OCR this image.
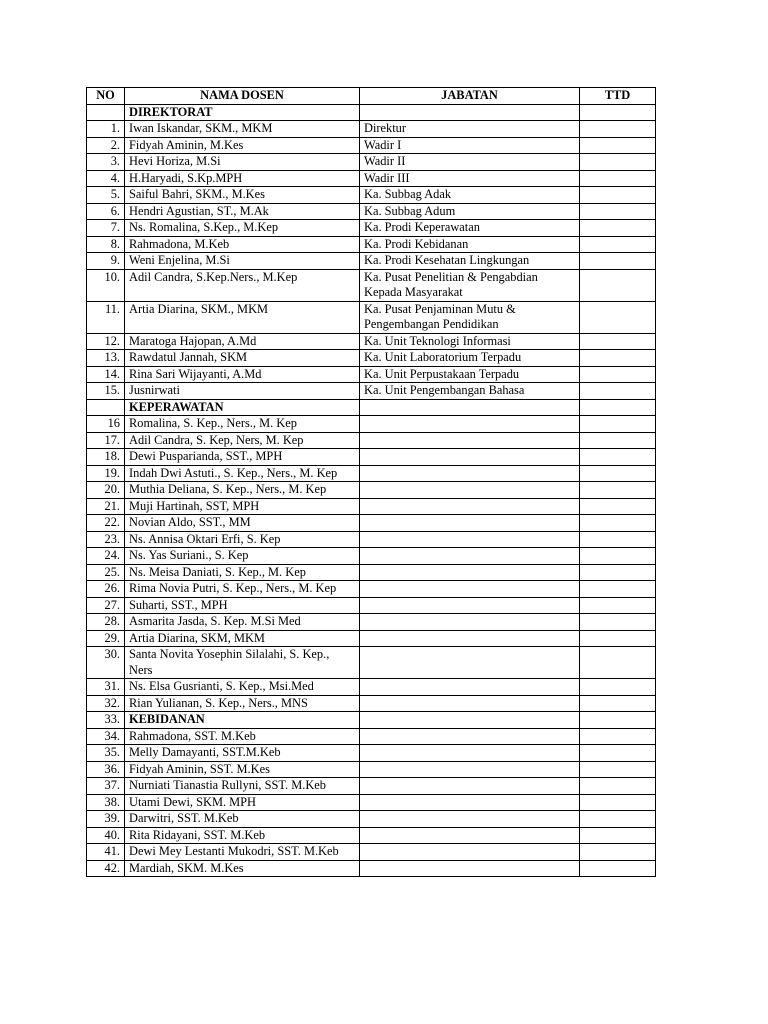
NO	NAMA DOSEN	JABATAN	TTD
	DIREKTORAT		
1.	Iwan Iskandar, SKM., MKM	Direktur	
2.	Fidyah Aminin, M.Kes	Wadir I	
3.	Hevi Horiza, M.Si	Wadir II	
4.	H.Haryadi, S.Kp.MPH	Wadir III	
5.	Saiful Bahri, SKM., M.Kes	Ka. Subbag Adak	
6.	Hendri Agustian, ST., M.Ak	Ka. Subbag Adum	
7.	Ns. Romalina, S.Kep., M.Kep	Ka. Prodi Keperawatan	
8.	Rahmadona, M.Keb	Ka. Prodi Kebidanan	
9.	Weni Enjelina, M.Si	Ka. Prodi Kesehatan Lingkungan	
10.	Adil Candra, S.Kep.Ners., M.Kep	Ka. Pusat Penelitian & Pengabdian Kepada Masyarakat	
11.	Artia Diarina, SKM., MKM	Ka. Pusat Penjaminan Mutu & Pengembangan Pendidikan	
12.	Maratoga Hajopan, A.Md	Ka. Unit Teknologi Informasi	
13.	Rawdatul Jannah, SKM	Ka. Unit Laboratorium Terpadu	
14.	Rina Sari Wijayanti, A.Md	Ka. Unit Perpustakaan Terpadu	
15.	Jusnirwati	Ka. Unit Pengembangan Bahasa	
	KEPERAWATAN		
16	Romalina, S. Kep., Ners., M. Kep		
17.	Adil Candra, S. Kep, Ners, M. Kep		
18.	Dewi Pusparianda, SST., MPH		
19.	Indah Dwi Astuti., S. Kep., Ners., M. Kep		
20.	Muthia Deliana, S. Kep., Ners., M. Kep		
21.	Muji Hartinah, SST, MPH		
22.	Novian Aldo, SST., MM		
23.	Ns. Annisa Oktari Erfi, S. Kep		
24.	Ns. Yas Suriani., S. Kep		
25.	Ns. Meisa Daniati, S. Kep., M. Kep		
26.	Rima Novia Putri, S. Kep., Ners., M. Kep		
27.	Suharti, SST., MPH		
28.	Asmarita Jasda, S. Kep. M.Si Med		
29.	Artia Diarina, SKM, MKM		
30.	Santa Novita Yosephin Silalahi, S. Kep., Ners		
31.	Ns. Elsa Gusrianti, S. Kep., Msi.Med		
32.	Rian Yulianan, S. Kep., Ners., MNS		
33.	KEBIDANAN		
34.	Rahmadona, SST. M.Keb		
35.	Melly Damayanti, SST.M.Keb		
36.	Fidyah Aminin, SST. M.Kes		
37.	Nurniati Tianastia Rullyni, SST. M.Keb		
38.	Utami Dewi, SKM. MPH		
39.	Darwitri, SST. M.Keb		
40.	Rita Ridayani, SST. M.Keb		
41.	Dewi Mey Lestanti Mukodri, SST. M.Keb		
42.	Mardiah, SKM. M.Kes		
